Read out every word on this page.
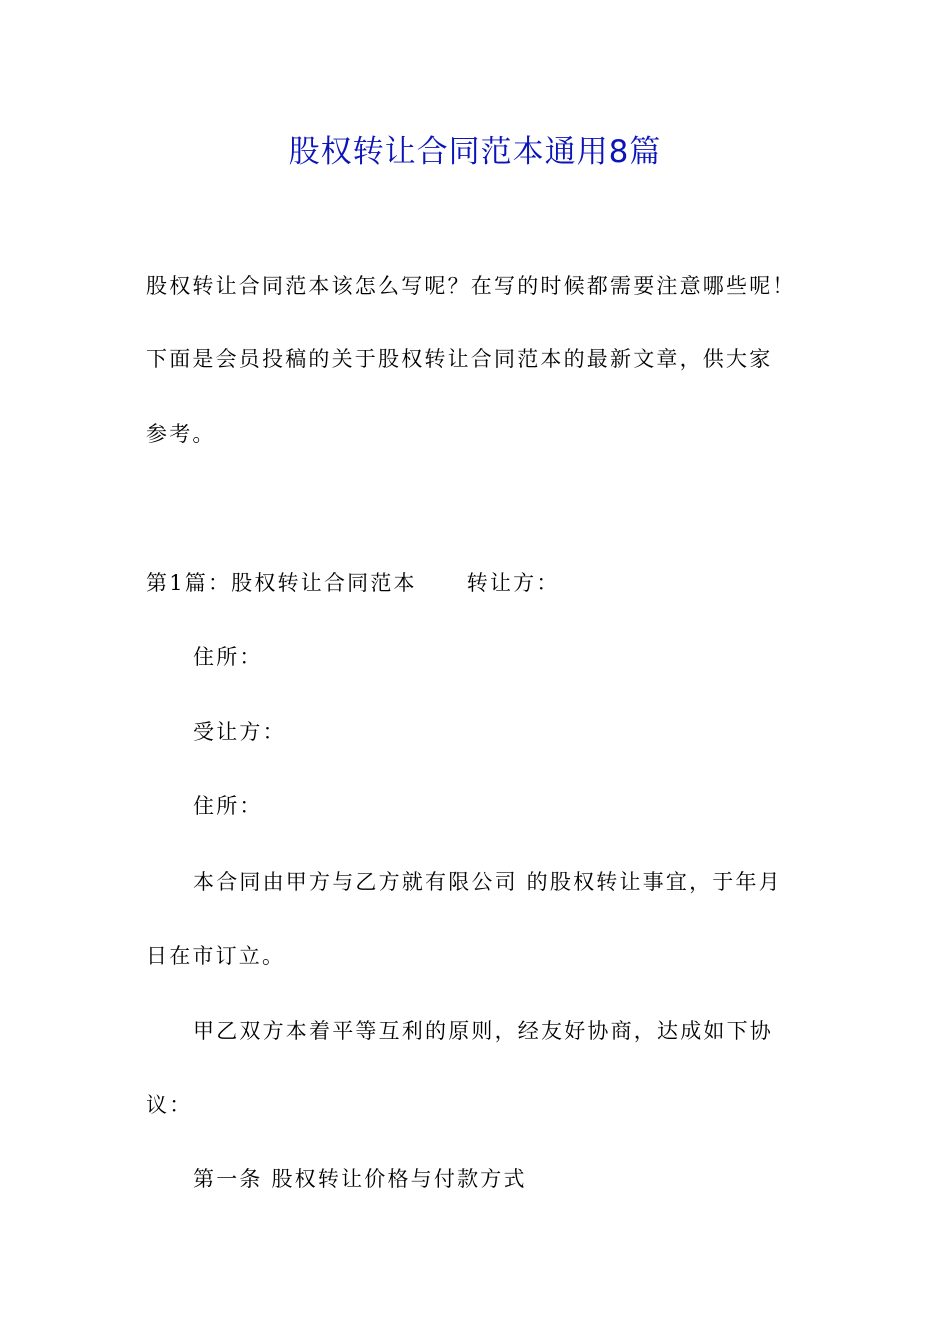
股权转让合同范本通用8篇
股权转让合同范本该怎么写呢？在写的时候都需要注意哪些呢！
下面是会员投稿的关于股权转让合同范本的最新文章，供大家
参考。
第1篇：股权转让合同范本 转让方：
住所：
受让方：
住所：
本合同由甲方与乙方就有限公司 的股权转让事宜，于年月
日在市订立。
甲乙双方本着平等互利的原则，经友好协商，达成如下协
议：
第一条 股权转让价格与付款方式
